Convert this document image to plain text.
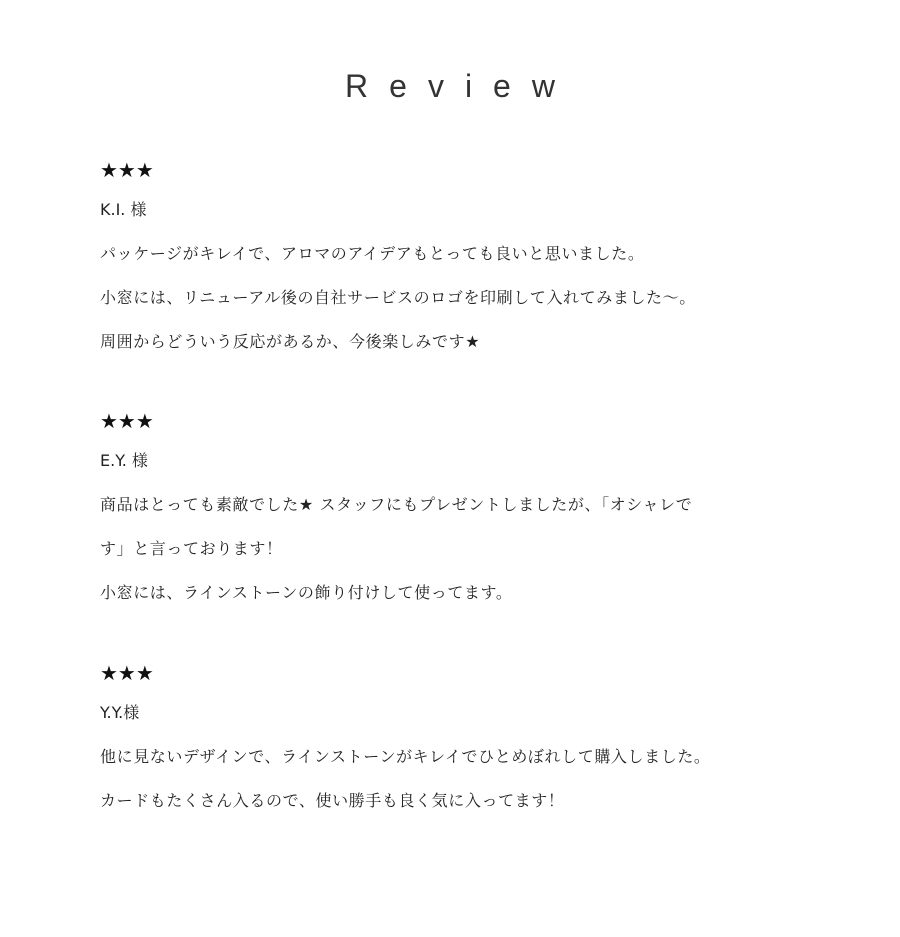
Review
★★★
K.I. 様
パッケージがキレイで、アロマのアイデアもとっても良いと思いました。
小窓には、リニューアル後の自社サービスのロゴを印刷して入れてみました〜。
周囲からどういう反応があるか、今後楽しみです★
★★★
E.Y. 様
商品はとっても素敵でした★ スタッフにもプレゼントしましたが、「オシャレで
す」と言っております！
小窓には、ラインストーンの飾り付けして使ってます。
★★★
Y.Y.様
他に見ないデザインで、ラインストーンがキレイでひとめぼれして購入しました。
カードもたくさん入るので、使い勝手も良く気に入ってます！
